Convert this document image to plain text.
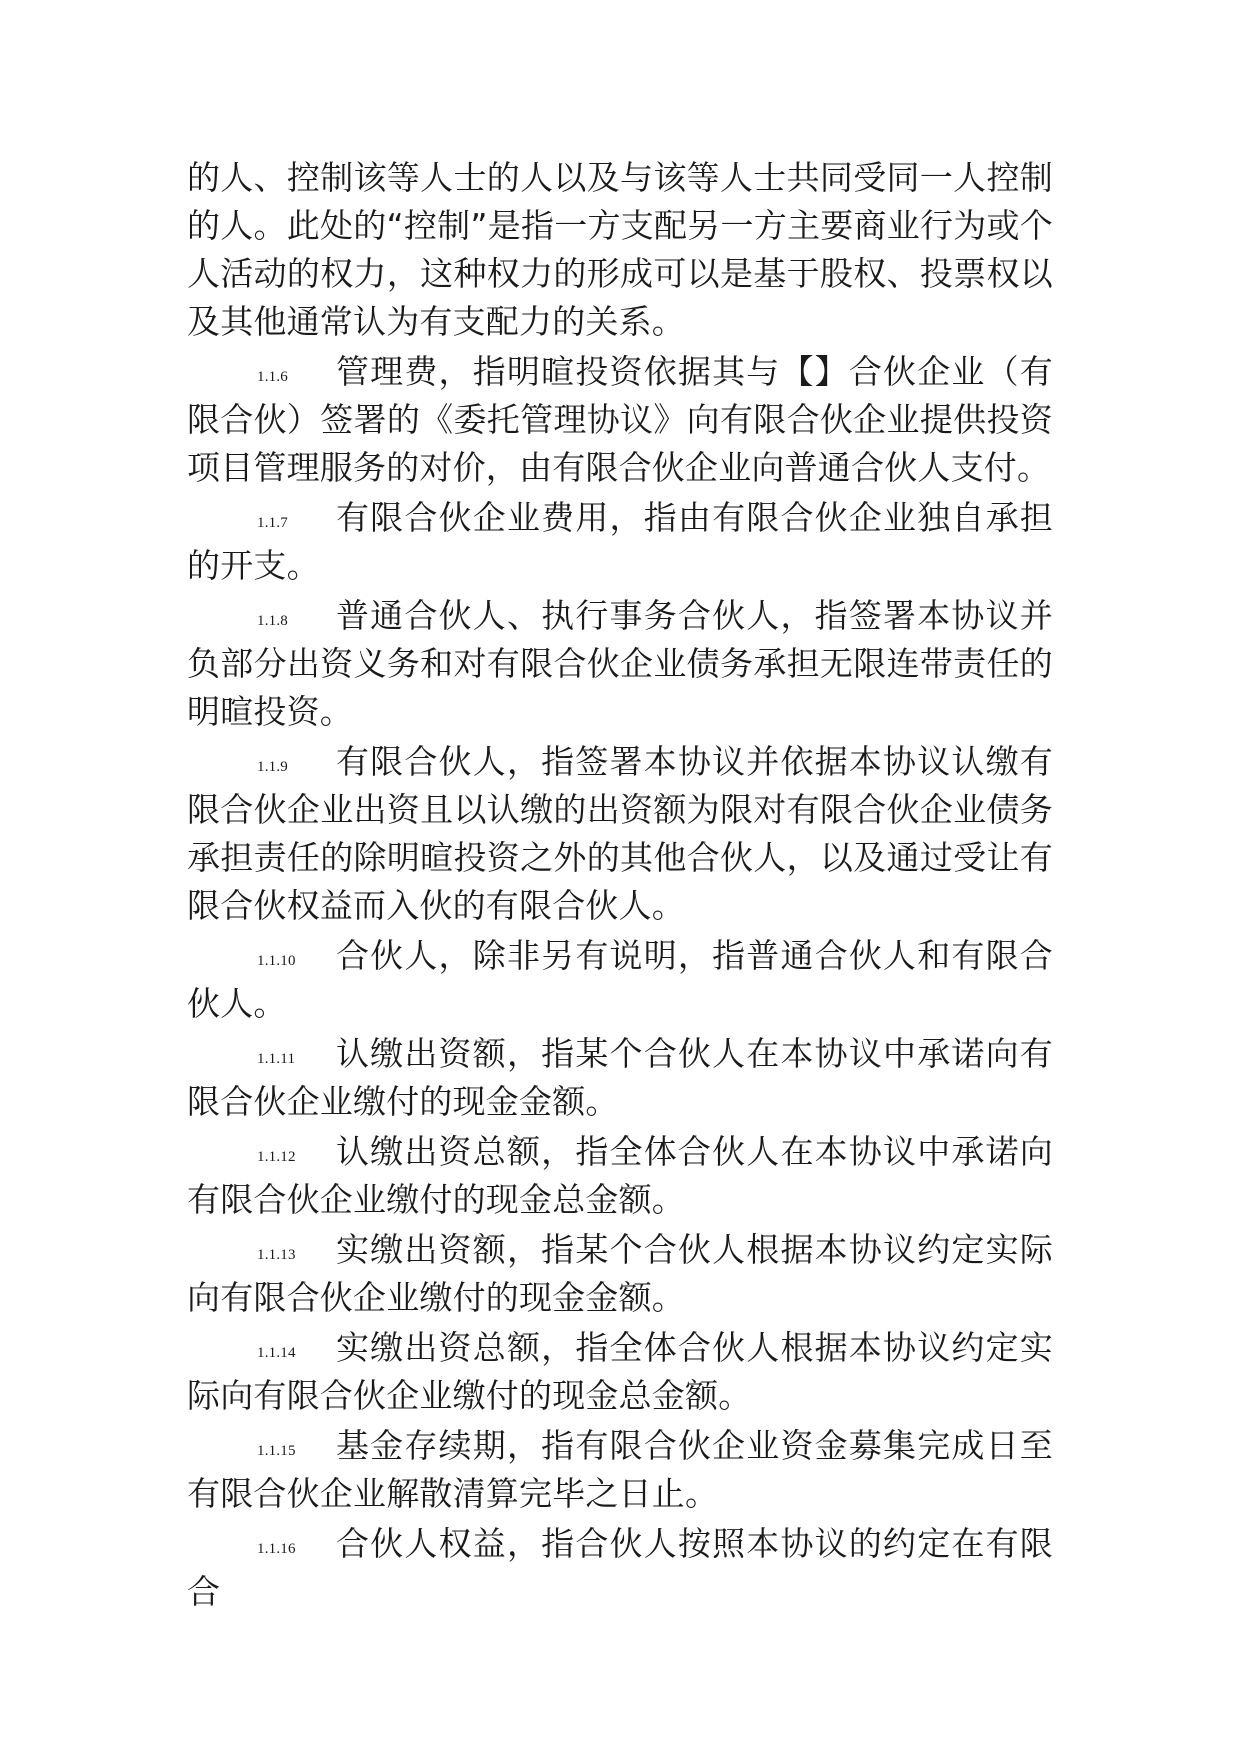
的人、控制该等人士的人以及与该等人士共同受同一人控制的人。此处的“控制”是指一方支配另一方主要商业行为或个人活动的权力，这种权力的形成可以是基于股权、投票权以及其他通常认为有支配力的关系。

1.1.6 管理费，指明暄投资依据其与【】合伙企业（有限合伙）签署的《委托管理协议》向有限合伙企业提供投资项目管理服务的对价，由有限合伙企业向普通合伙人支付。

1.1.7 有限合伙企业费用，指由有限合伙企业独自承担的开支。

1.1.8 普通合伙人、执行事务合伙人，指签署本协议并负部分出资义务和对有限合伙企业债务承担无限连带责任的明暄投资。

1.1.9 有限合伙人，指签署本协议并依据本协议认缴有限合伙企业出资且以认缴的出资额为限对有限合伙企业债务承担责任的除明暄投资之外的其他合伙人，以及通过受让有限合伙权益而入伙的有限合伙人。

1.1.10 合伙人，除非另有说明，指普通合伙人和有限合伙人。

1.1.11 认缴出资额，指某个合伙人在本协议中承诺向有限合伙企业缴付的现金金额。

1.1.12 认缴出资总额，指全体合伙人在本协议中承诺向有限合伙企业缴付的现金总金额。

1.1.13 实缴出资额，指某个合伙人根据本协议约定实际向有限合伙企业缴付的现金金额。

1.1.14 实缴出资总额，指全体合伙人根据本协议约定实际向有限合伙企业缴付的现金总金额。

1.1.15 基金存续期，指有限合伙企业资金募集完成日至有限合伙企业解散清算完毕之日止。

1.1.16 合伙人权益，指合伙人按照本协议的约定在有限合
